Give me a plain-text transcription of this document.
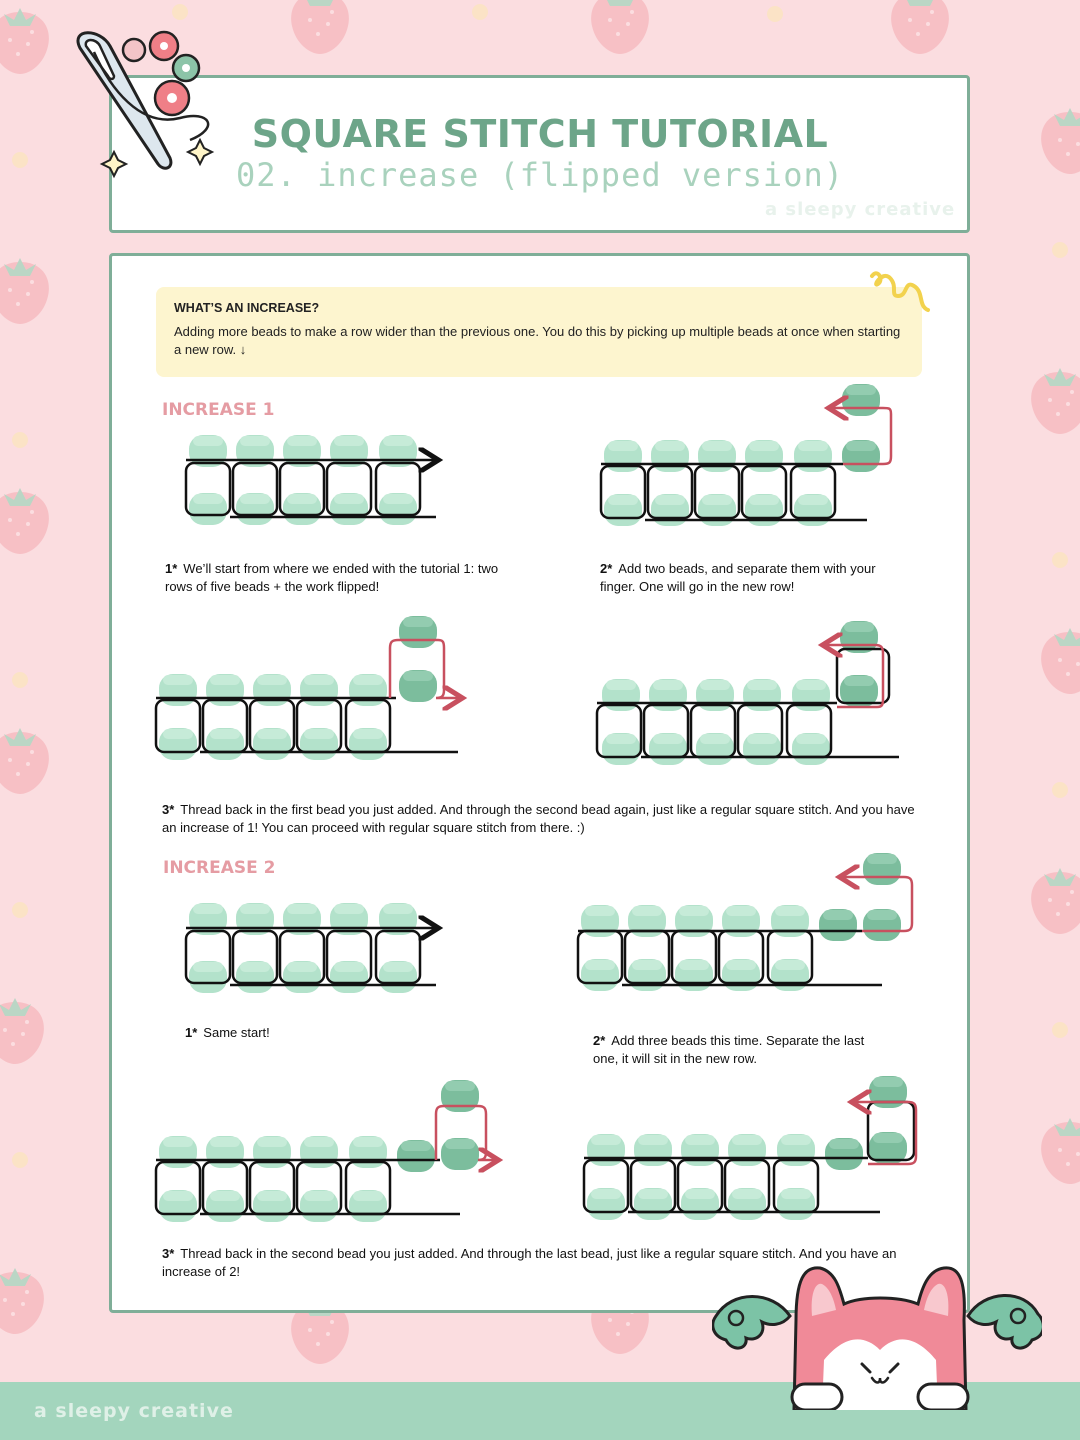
SQUARE STITCH TUTORIAL
02. increase (flipped version)
a sleepy creative

WHAT’S AN INCREASE?

Adding more beads to make a row wider than the previous one. You do this by picking up multiple beads at once when starting a new row. ↓

INCREASE 1
1* We’ll start from where we ended with the tutorial 1: two rows of five beads + the work flipped!
2* Add two beads, and separate them with your finger. One will go in the new row!
3* Thread back in the first bead you just added. And through the second bead again, just like a regular square stitch. And you have an increase of 1! You can proceed with regular square stitch from there. :)
INCREASE 2
1* Same start!
2* Add three beads this time. Separate the last one, it will sit in the new row.
3* Thread back in the second bead you just added. And through the last bead, just like a regular square stitch. And you have an increase of 2!
a sleepy creative
